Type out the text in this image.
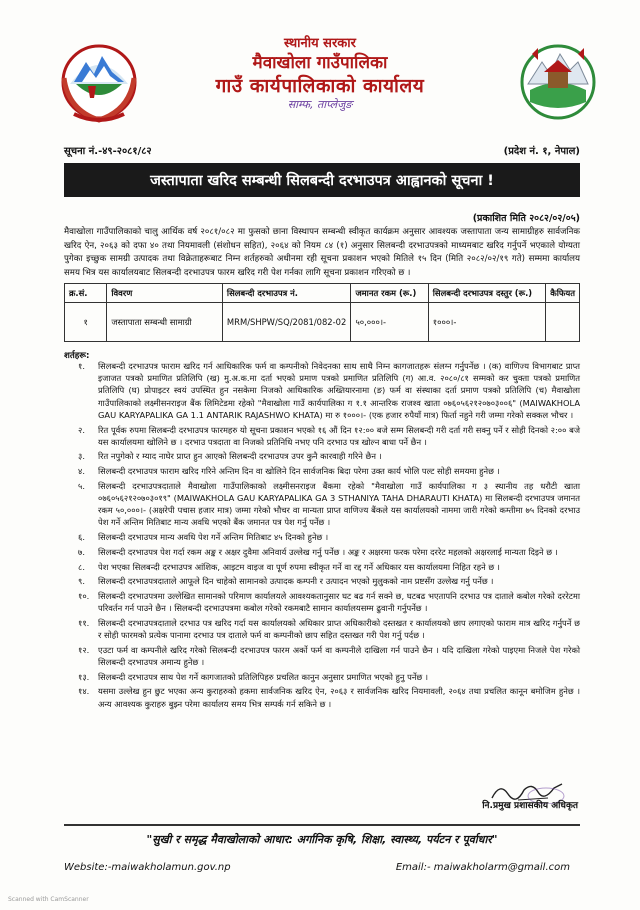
स्थानीय सरकार
मैवाखोला गाउँपालिका
गाउँ कार्यपालिकाको कार्यालय
साम्फ, ताप्लेजुङ
सूचना नं.-४९-२०८१/८२	(प्रदेश नं. १, नेपाल)
जस्तापाता खरिद सम्बन्धी सिलबन्दी दरभाउपत्र आह्वानको सूचना !
(प्रकाशित मिति २०८२/०२/०५)
मैवाखोला गाउँपालिकाको चालु आर्थिक वर्ष २०८१/०८२ मा फुसको छाना विस्थापन सम्बन्धी स्वीकृत कार्यक्रम अनुसार आवश्यक जस्तापाता जन्य सामाग्रीहरु सार्वजनिक खरिद ऐन, २०६३ को दफा ४० तथा नियमावली (संशोधन सहित), २०६४ को नियम ८४ (१) अनुसार सिलबन्दी दरभाउपत्रको माध्यमबाट खरिद गर्नुपर्ने भएकाले योग्यता पुगेका इच्छुक सामग्री उत्पादक तथा विक्रेताहरूबाट निम्न शर्तहरुको अधीनमा रही सूचना प्रकाशन भएको मितिले १५ दिन (मिति २०८२/०२/१९ गते) सम्ममा कार्यालय समय भित्र यस कार्यालयबाट सिलबन्दी दरभाउपत्र फारम खरिद गरी पेश गर्नका लागि सूचना प्रकाशन गरिएको छ ।
क्र.सं.	विवरण	सिलबन्दी दरभाउपत्र नं.	जमानत रकम (रू.)	सिलबन्दी दरभाउपत्र दस्तुर (रू.)	कैफियत
१	जस्तापाता सम्बन्धी सामाग्री	MRM/SHPW/SQ/2081/082-02	५०,०००।-	१०००।-	
शर्तहरू:
१.	सिलबन्दी दरभाउपत्र फाराम खरिद गर्न आधिकारिक फर्म वा कम्पनीको निवेदनका साथ साथै निम्न कागजातहरू संलग्न गर्नुपर्नेछ । (क) वाणिज्य विभागबाट प्राप्त इजाजत पत्रको प्रमाणित प्रतिलिपि (ख) मु.अ.क.मा दर्ता भएको प्रमाण पत्रको प्रमाणित प्रतिलिपि (ग) आ.व. २०८०/८१ सम्मको कर चुक्ता पत्रको प्रमाणित प्रतिलिपि (घ) प्रोपाइटर स्वयं उपस्थित हुन नसकेमा निजको आधिकारिक अख्तियारनामा (ङ) फर्म वा संस्थाका दर्ता प्रमाण पत्रको प्रतिलिपि (च) मैवाखोला गाउँपालिकाको लक्ष्मीसनराइज बैंक लिमिटेडमा रहेको "मैवाखोला गाउँ कार्यपालिका ग १.१ आन्तरिक राजश्व खाता ०७६०५६२१२०७०३००६" (MAIWAKHOLA GAU KARYAPALIKA GA 1.1 ANTARIK RAJASHWO KHATA) मा रु १०००।- (एक हजार रुपैयाँ मात्र) फिर्ता नहुने गरी जम्मा गरेको सक्कल भौचर ।
२.	रित पूर्वक रुपमा सिलबन्दी दरभाउपत्र फारमहरु यो सूचना प्रकाशन भएको १६ औं दिन १२:०० बजे सम्म सिलबन्दी गरी दर्ता गरी सक्नु पर्ने र सोही दिनको २:०० बजे यस कार्यालयमा खोलिने छ । दरभाउ पत्रदाता वा निजको प्रतिनिधि नभए पनि दरभाउ पत्र खोल्न बाधा पर्ने छैन ।
३.	रित नपुगेको र म्याद नाघेर प्राप्त हुन आएको सिलबन्दी दरभाउपत्र उपर कुनै कारवाही गरिने छैन ।
४.	सिलबन्दी दरभाउपत्र फाराम खरिद गरिने अन्तिम दिन वा खोलिने दिन सार्वजनिक बिदा परेमा उक्त कार्य भोलि पल्ट सोही समयमा हुनेछ ।
५.	सिलबन्दी दरभाउपत्रदाताले मैवाखोला गाउँपालिकाको लक्ष्मीसनराइज बैंकमा रहेको "मैवाखोला गाउँ कार्यपालिका ग ३ स्थानीय तह धरौटी खाता ०७६०५६२१२०७०३०१९" (MAIWAKHOLA GAU KARYAPALIKA GA 3 STHANIYA TAHA DHARAUTI KHATA) मा सिलबन्दी दरभाउपत्र जमानत रकम ५०,०००।- (अक्षरेपी पचास हजार मात्र) जम्मा गरेको भौचर वा मान्यता प्राप्त वाणिज्य बैंकले यस कार्यालयको नाममा जारी गरेको कम्तीमा ७५ दिनको दरभाउ पेश गर्ने अन्तिम मितिबाट मान्य अवधि भएको बैंक जमानत पत्र पेश गर्नु पर्नेछ ।
६.	सिलबन्दी दरभाउपत्र मान्य अवधि पेश गर्ने अन्तिम मितिबाट ४५ दिनको हुनेछ ।
७.	सिलबन्दी दरभाउपत्र पेश गर्दा रकम अङ्क र अक्षर दुवैमा अनिवार्य उल्लेख गर्नु पर्नेछ । अङ्क र अक्षरमा फरक परेमा दररेट महलको अक्षरलाई मान्यता दिइने छ ।
८.	पेश भएका सिलबन्दी दरभाउपत्र आंशिक, आइटम वाइज वा पूर्ण रुपमा स्वीकृत गर्ने वा रद्द गर्ने अधिकार यस कार्यालयमा निहित रहने छ ।
९.	सिलबन्दी दरभाउपत्रदाताले आफूले दिन चाहेको सामानको उत्पादक कम्पनी र उत्पादन भएको मुलुकको नाम प्रष्टसँग उल्लेख गर्नु पर्नेछ ।
१०.	सिलबन्दी दरभाउपत्रमा उल्लेखित सामानको परिमाण कार्यालयले आवश्यकतानुसार घट बढ गर्न सक्ने छ, घटबढ भएतापनि दरभाउ पत्र दाताले कबोल गरेको दररेटमा परिवर्तन गर्न पाउने छैन । सिलबन्दी दरभाउपत्रमा कबोल गरेको रकमबाटै सामान कार्यालयसम्म ढुवानी गर्नुपर्नेछ ।
११.	सिलबन्दी दरभाउपत्रदाताले दरभाउ पत्र खरिद गर्दा यस कार्यालयको अधिकार प्राप्त अधिकारीको दस्तखत र कार्यालयको छाप लगाएको फाराम मात्र खरिद गर्नुपर्ने छ र सोही फारमको प्रत्येक पानामा दरभाउ पत्र दाताले फर्म वा कम्पनीको छाप सहित दस्तखत गरी पेश गर्नु पर्दछ ।
१२.	एउटा फर्म वा कम्पनीले खरिद गरेको सिलबन्दी दरभाउपत्र फारम अर्को फर्म वा कम्पनीले दाखिला गर्न पाउने छैन । यदि दाखिला गरेको पाइएमा निजले पेश गरेको सिलबन्दी दरभाउपत्र अमान्य हुनेछ ।
१३.	सिलबन्दी दरभाउपत्र साथ पेश गर्ने कागजातको प्रतिलिपिहरु प्रचलित कानुन अनुसार प्रमाणित भएको हुनु पर्नेछ ।
१४.	यसमा उल्लेख हुन छुट भएका अन्य कुराहरुको हकमा सार्वजनिक खरिद ऐन, २०६३ र सार्वजनिक खरिद नियमावली, २०६४ तथा प्रचलित कानून बमोजिम हुनेछ । अन्य आवश्यक कुराहरु बुझ्न परेमा कार्यालय समय भित्र सम्पर्क गर्न सकिने छ ।
नि.प्रमुख प्रशासकीय अधिकृत
"सुखी र समृद्ध मैवाखोलाको आधार: अर्गानिक कृषि, शिक्षा, स्वास्थ्य, पर्यटन र पूर्वाधार"
Website:-maiwakholamun.gov.np	Email:- maiwakholarm@gmail.com
Scanned with CamScanner
